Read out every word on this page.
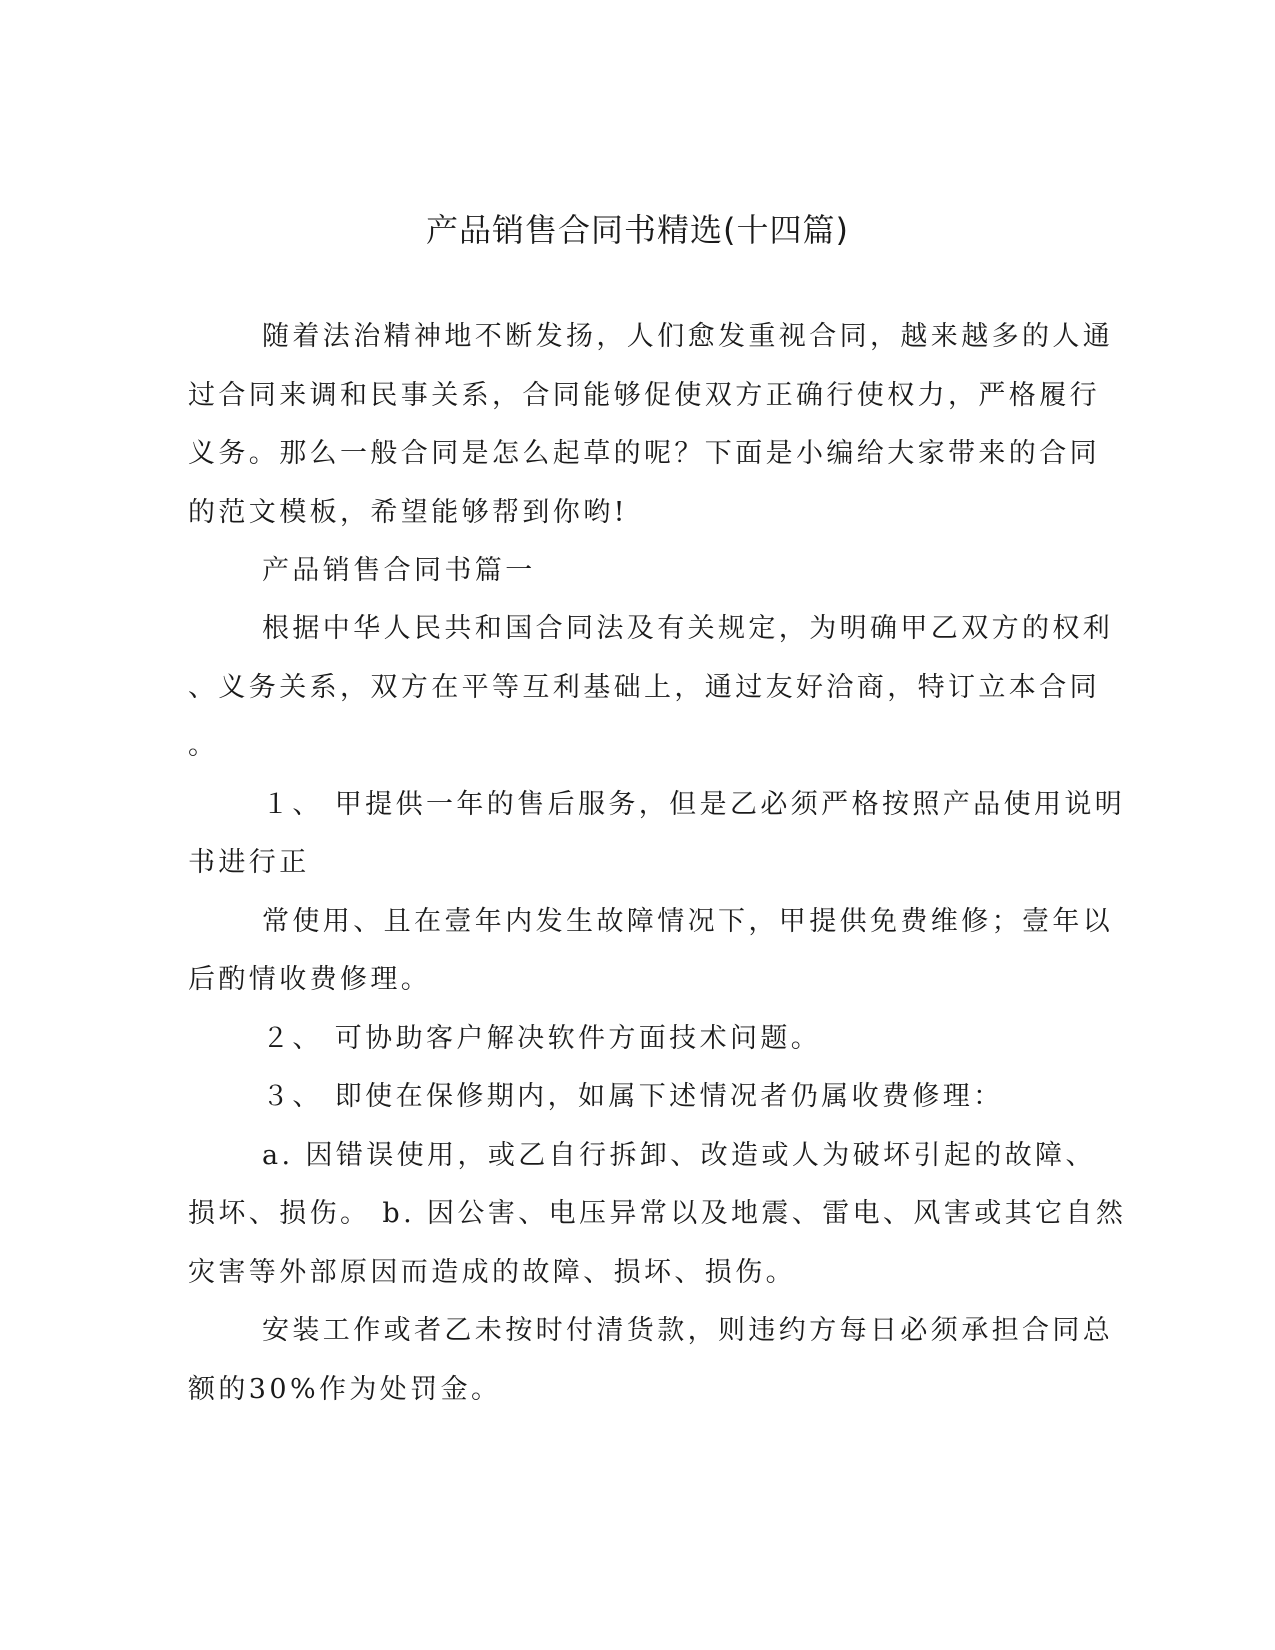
产品销售合同书精选(十四篇)

随着法治精神地不断发扬，人们愈发重视合同，越来越多的人通

过合同来调和民事关系，合同能够促使双方正确行使权力，严格履行

义务。那么一般合同是怎么起草的呢？下面是小编给大家带来的合同

的范文模板，希望能够帮到你哟!

产品销售合同书篇一

根据中华人民共和国合同法及有关规定，为明确甲乙双方的权利

、义务关系，双方在平等互利基础上，通过友好洽商，特订立本合同

。

１、 甲提供一年的售后服务，但是乙必须严格按照产品使用说明

书进行正

常使用、且在壹年内发生故障情况下，甲提供免费维修；壹年以

后酌情收费修理。

２、 可协助客户解决软件方面技术问题。

３、 即使在保修期内，如属下述情况者仍属收费修理：

a. 因错误使用，或乙自行拆卸、改造或人为破坏引起的故障、

损坏、损伤。 b. 因公害、电压异常以及地震、雷电、风害或其它自然

灾害等外部原因而造成的故障、损坏、损伤。

安装工作或者乙未按时付清货款，则违约方每日必须承担合同总

额的30%作为处罚金。
